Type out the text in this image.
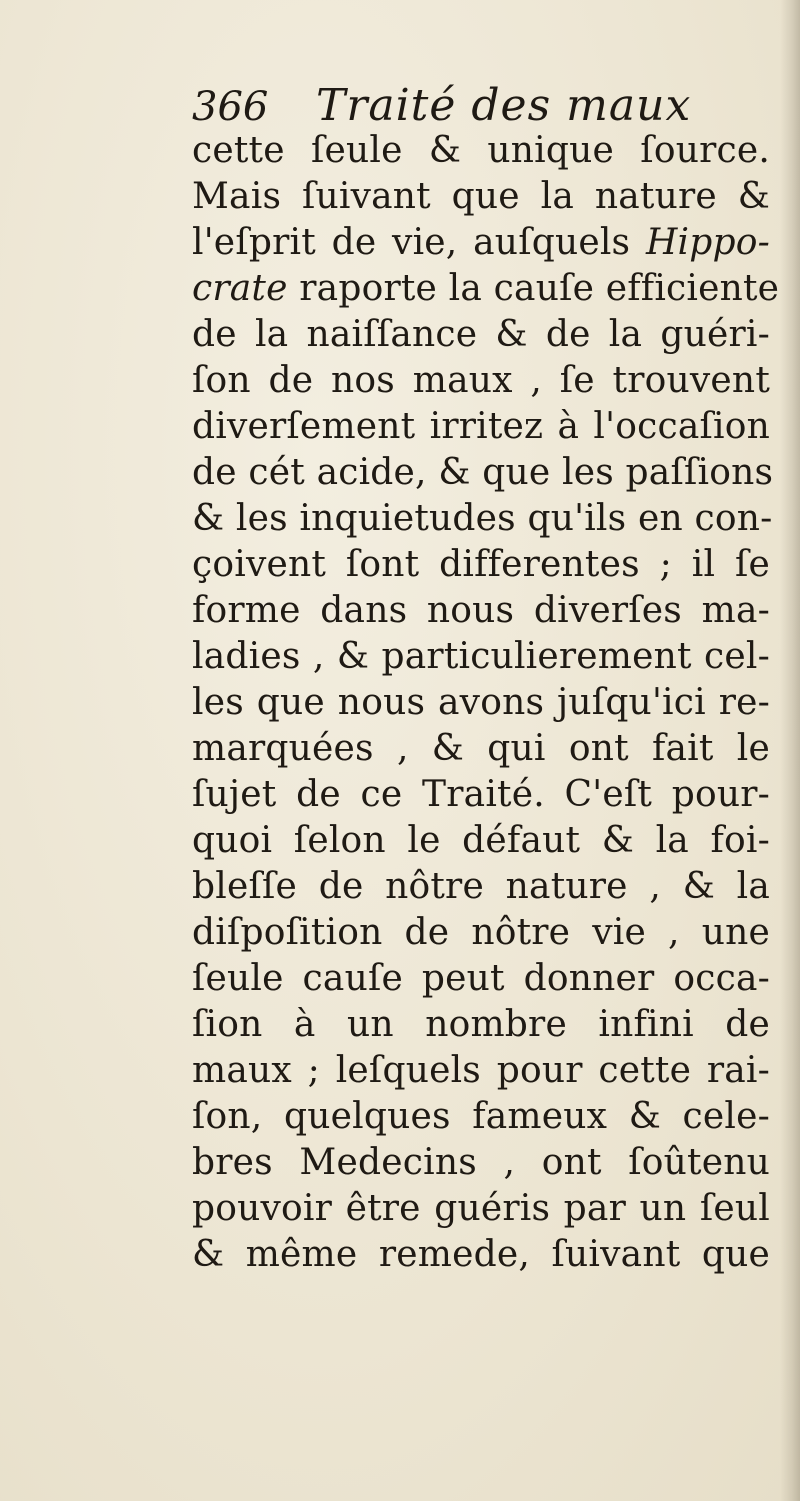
366 Traité des maux
cette ſeule & unique ſource.
Mais ſuivant que la nature &
l'eſprit de vie, auſquels Hippo-
crate raporte la cauſe efficiente
de la naiſſance & de la guéri-
ſon de nos maux , ſe trouvent
diverſement irritez à l'occaſion
de cét acide, & que les paſſions
& les inquietudes qu'ils en con-
çoivent ſont differentes ; il ſe
forme dans nous diverſes ma-
ladies , & particulierement cel-
les que nous avons juſqu'ici re-
marquées , & qui ont fait le
ſujet de ce Traité. C'eſt pour-
quoi ſelon le défaut & la foi-
bleſſe de nôtre nature , & la
diſpoſition de nôtre vie , une
ſeule cauſe peut donner occa-
ſion à un nombre infini de
maux ; leſquels pour cette rai-
ſon, quelques fameux & cele-
bres Medecins , ont ſoûtenu
pouvoir être guéris par un ſeul
& même remede, ſuivant que
